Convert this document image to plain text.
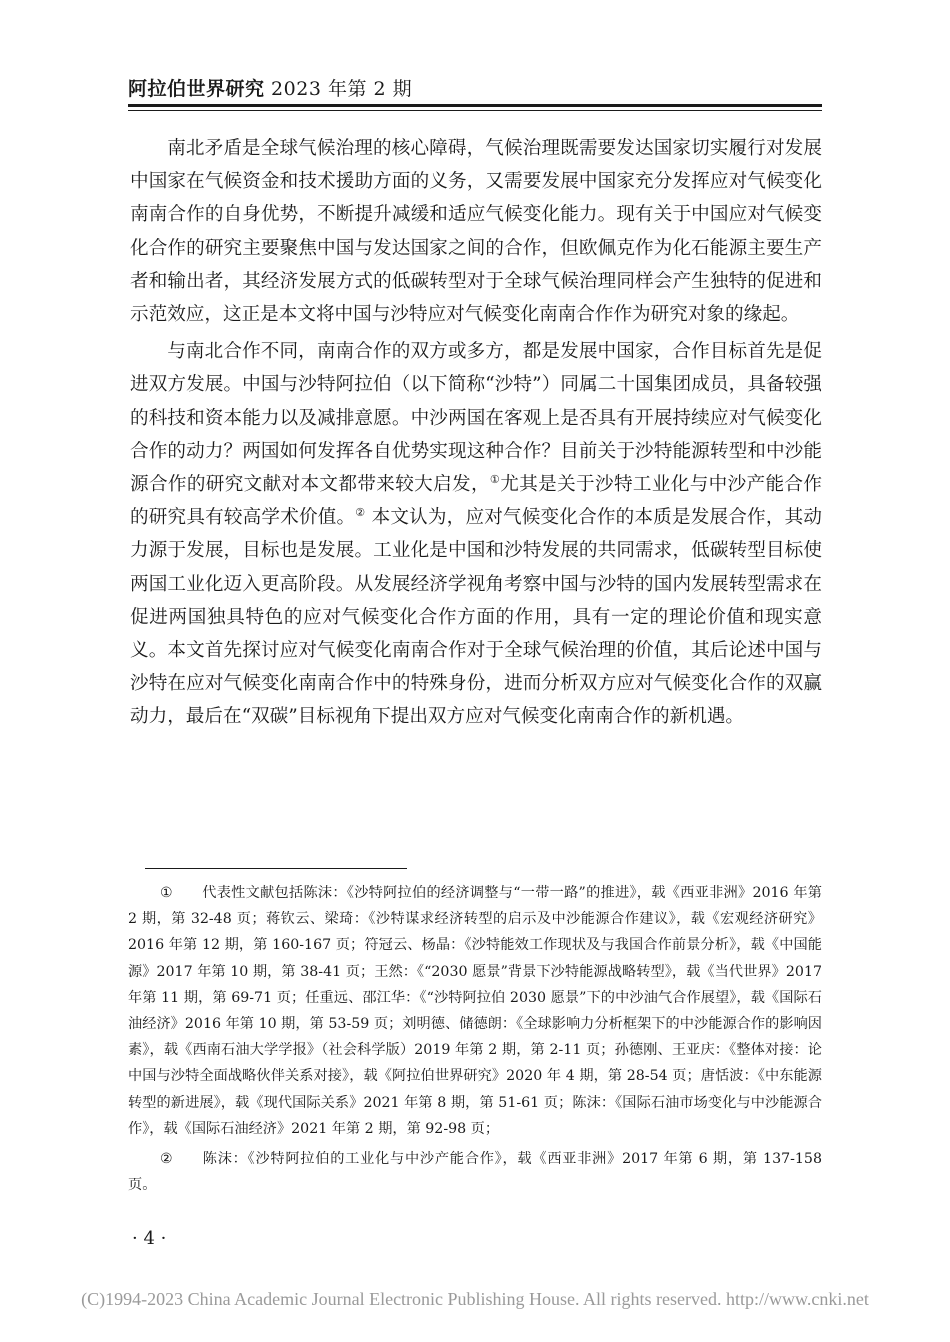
阿拉伯世界研究 2023 年第 2 期

南北矛盾是全球气候治理的核心障碍，气候治理既需要发达国家切实履行对发展中国家在气候资金和技术援助方面的义务，又需要发展中国家充分发挥应对气候变化南南合作的自身优势，不断提升减缓和适应气候变化能力。现有关于中国应对气候变化合作的研究主要聚焦中国与发达国家之间的合作，但欧佩克作为化石能源主要生产者和输出者，其经济发展方式的低碳转型对于全球气候治理同样会产生独特的促进和示范效应，这正是本文将中国与沙特应对气候变化南南合作作为研究对象的缘起。

与南北合作不同，南南合作的双方或多方，都是发展中国家，合作目标首先是促进双方发展。中国与沙特阿拉伯（以下简称“沙特”）同属二十国集团成员，具备较强的科技和资本能力以及减排意愿。中沙两国在客观上是否具有开展持续应对气候变化合作的动力？两国如何发挥各自优势实现这种合作？目前关于沙特能源转型和中沙能源合作的研究文献对本文都带来较大启发，①尤其是关于沙特工业化与中沙产能合作的研究具有较高学术价值。② 本文认为，应对气候变化合作的本质是发展合作，其动力源于发展，目标也是发展。工业化是中国和沙特发展的共同需求，低碳转型目标使两国工业化迈入更高阶段。从发展经济学视角考察中国与沙特的国内发展转型需求在促进两国独具特色的应对气候变化合作方面的作用，具有一定的理论价值和现实意义。本文首先探讨应对气候变化南南合作对于全球气候治理的价值，其后论述中国与沙特在应对气候变化南南合作中的特殊身份，进而分析双方应对气候变化合作的双赢动力，最后在“双碳”目标视角下提出双方应对气候变化南南合作的新机遇。

① 代表性文献包括陈沫：《沙特阿拉伯的经济调整与“一带一路”的推进》，载《西亚非洲》2016 年第 2 期，第 32-48 页；蒋钦云、梁琦：《沙特谋求经济转型的启示及中沙能源合作建议》，载《宏观经济研究》2016 年第 12 期，第 160-167 页；符冠云、杨晶：《沙特能效工作现状及与我国合作前景分析》，载《中国能源》2017 年第 10 期，第 38-41 页；王然：《“2030 愿景”背景下沙特能源战略转型》，载《当代世界》2017 年第 11 期，第 69-71 页；任重远、邵江华：《“沙特阿拉伯 2030 愿景”下的中沙油气合作展望》，载《国际石油经济》2016 年第 10 期，第 53-59 页；刘明德、储德朗：《全球影响力分析框架下的中沙能源合作的影响因素》，载《西南石油大学学报》（社会科学版）2019 年第 2 期，第 2-11 页；孙德刚、王亚庆：《整体对接：论中国与沙特全面战略伙伴关系对接》，载《阿拉伯世界研究》2020 年 4 期，第 28-54 页；唐恬波：《中东能源转型的新进展》，载《现代国际关系》2021 年第 8 期，第 51-61 页；陈沫：《国际石油市场变化与中沙能源合作》，载《国际石油经济》2021 年第 2 期，第 92-98 页；

② 陈沫：《沙特阿拉伯的工业化与中沙产能合作》，载《西亚非洲》2017 年第 6 期，第 137-158 页。

· 4 ·
(C)1994-2023 China Academic Journal Electronic Publishing House. All rights reserved. http://www.cnki.net
